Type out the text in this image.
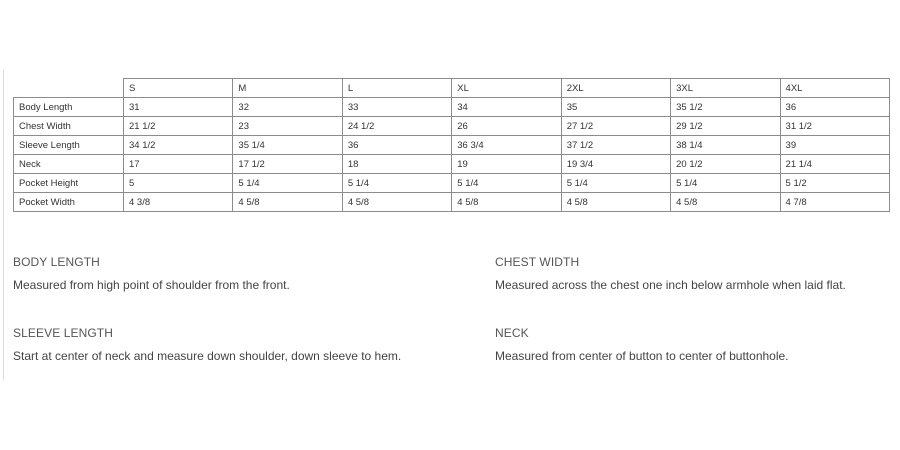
	S	M	L	XL	2XL	3XL	4XL
Body Length	31	32	33	34	35	35 1/2	36
Chest Width	21 1/2	23	24 1/2	26	27 1/2	29 1/2	31 1/2
Sleeve Length	34 1/2	35 1/4	36	36 3/4	37 1/2	38 1/4	39
Neck	17	17 1/2	18	19	19 3/4	20 1/2	21 1/4
Pocket Height	5	5 1/4	5 1/4	5 1/4	5 1/4	5 1/4	5 1/2
Pocket Width	4 3/8	4 5/8	4 5/8	4 5/8	4 5/8	4 5/8	4 7/8
BODY LENGTH
Measured from high point of shoulder from the front.
CHEST WIDTH
Measured across the chest one inch below armhole when laid flat.
SLEEVE LENGTH
Start at center of neck and measure down shoulder, down sleeve to hem.
NECK
Measured from center of button to center of buttonhole.
